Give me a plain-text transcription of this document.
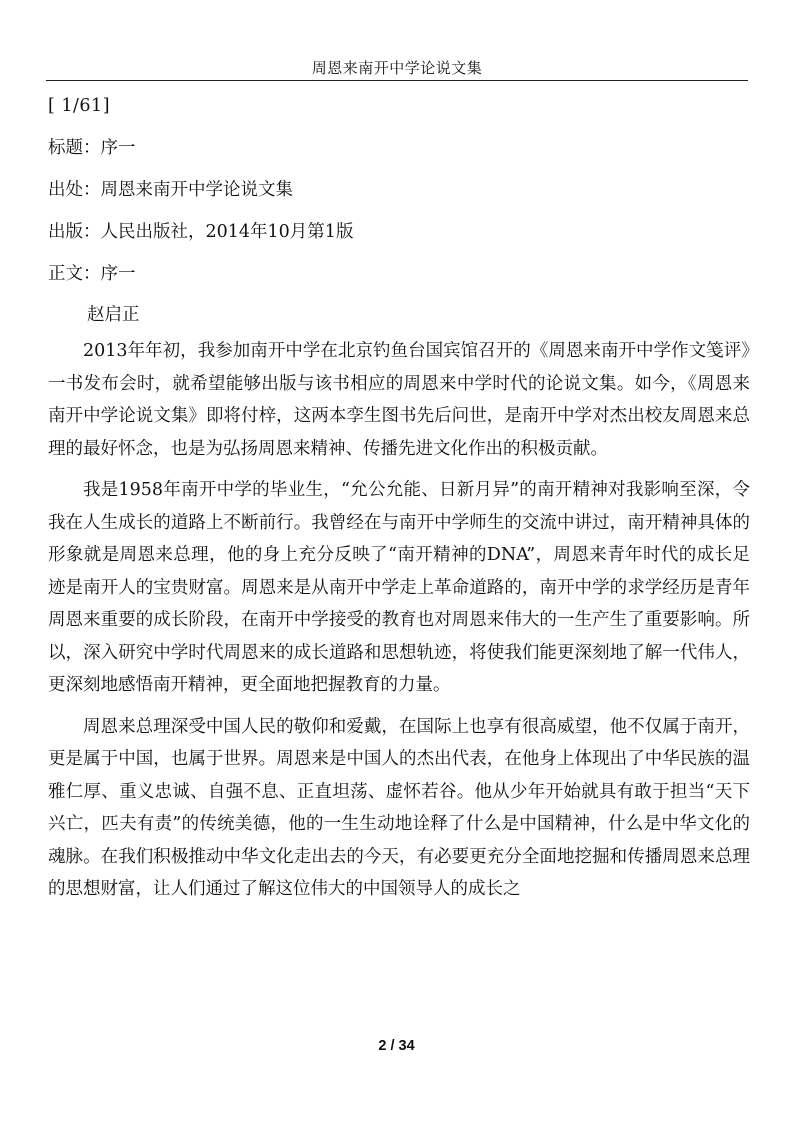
周恩来南开中学论说文集
[ 1/61]
标题：序一
出处：周恩来南开中学论说文集
出版：人民出版社，2014年10月第1版
正文：序一
赵启正

2013年年初，我参加南开中学在北京钓鱼台国宾馆召开的《周恩来南开中学作文笺评》一书发布会时，就希望能够出版与该书相应的周恩来中学时代的论说文集。如今，《周恩来南开中学论说文集》即将付梓，这两本孪生图书先后问世，是南开中学对杰出校友周恩来总理的最好怀念，也是为弘扬周恩来精神、传播先进文化作出的积极贡献。

我是1958年南开中学的毕业生，“允公允能、日新月异”的南开精神对我影响至深，令我在人生成长的道路上不断前行。我曾经在与南开中学师生的交流中讲过，南开精神具体的形象就是周恩来总理，他的身上充分反映了“南开精神的DNA”，周恩来青年时代的成长足迹是南开人的宝贵财富。周恩来是从南开中学走上革命道路的，南开中学的求学经历是青年周恩来重要的成长阶段，在南开中学接受的教育也对周恩来伟大的一生产生了重要影响。所以，深入研究中学时代周恩来的成长道路和思想轨迹，将使我们能更深刻地了解一代伟人，更深刻地感悟南开精神，更全面地把握教育的力量。

周恩来总理深受中国人民的敬仰和爱戴，在国际上也享有很高威望，他不仅属于南开，更是属于中国，也属于世界。周恩来是中国人的杰出代表，在他身上体现出了中华民族的温雅仁厚、重义忠诚、自强不息、正直坦荡、虚怀若谷。他从少年开始就具有敢于担当“天下兴亡，匹夫有责”的传统美德，他的一生生动地诠释了什么是中国精神，什么是中华文化的魂脉。在我们积极推动中华文化走出去的今天，有必要更充分全面地挖掘和传播周恩来总理的思想财富，让人们通过了解这位伟大的中国领导人的成长之

2 / 34
